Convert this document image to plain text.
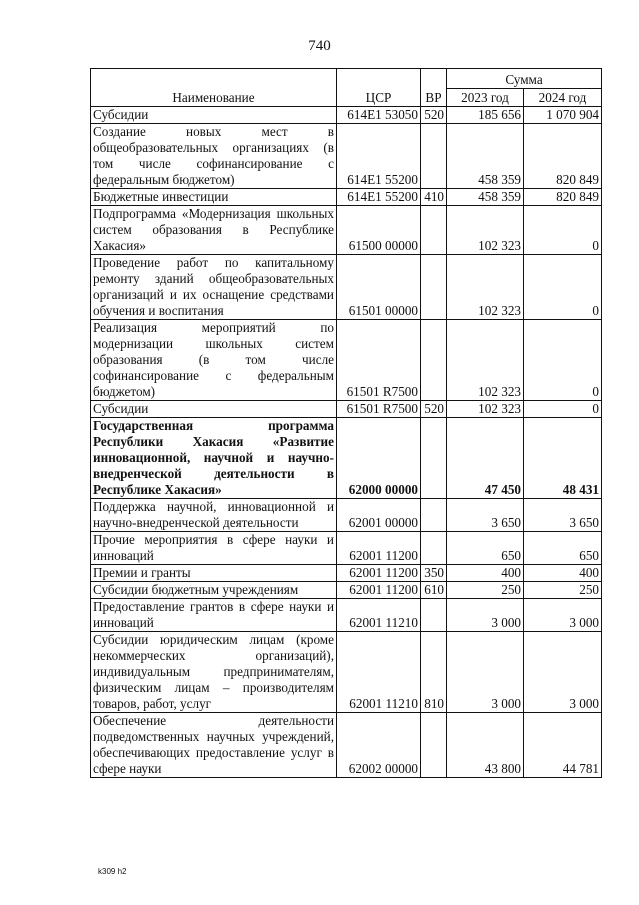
740
Наименование	ЦСР	ВР	Сумма	
			2023 год	2024 год
Субсидии	614E1 53050	520	185 656	1 070 904
Создание новых мест в общеобразовательных организациях (в том числе софинансирование с федеральным бюджетом)	614E1 55200		458 359	820 849
Бюджетные инвестиции	614E1 55200	410	458 359	820 849
Подпрограмма «Модернизация школьных систем образования в Республике Хакасия»	61500 00000		102 323	0
Проведение работ по капитальному ремонту зданий общеобразовательных организаций и их оснащение средствами обучения и воспитания	61501 00000		102 323	0
Реализация мероприятий по модернизации школьных систем образования (в том числе софинансирование с федеральным бюджетом)	61501 R7500		102 323	0
Субсидии	61501 R7500	520	102 323	0
Государственная программа Республики Хакасия «Развитие инновационной, научной и научно-внедренческой деятельности в Республике Хакасия»	62000 00000		47 450	48 431
Поддержка научной, инновационной и научно-внедренческой деятельности	62001 00000		3 650	3 650
Прочие мероприятия в сфере науки и инноваций	62001 11200		650	650
Премии и гранты	62001 11200	350	400	400
Субсидии бюджетным учреждениям	62001 11200	610	250	250
Предоставление грантов в сфере науки и инноваций	62001 11210		3 000	3 000
Субсидии юридическим лицам (кроме некоммерческих организаций), индивидуальным предпринимателям, физическим лицам – производителям товаров, работ, услуг	62001 11210	810	3 000	3 000
Обеспечение деятельности подведомственных научных учреждений, обеспечивающих предоставление услуг в сфере науки	62002 00000		43 800	44 781
k309 h2
